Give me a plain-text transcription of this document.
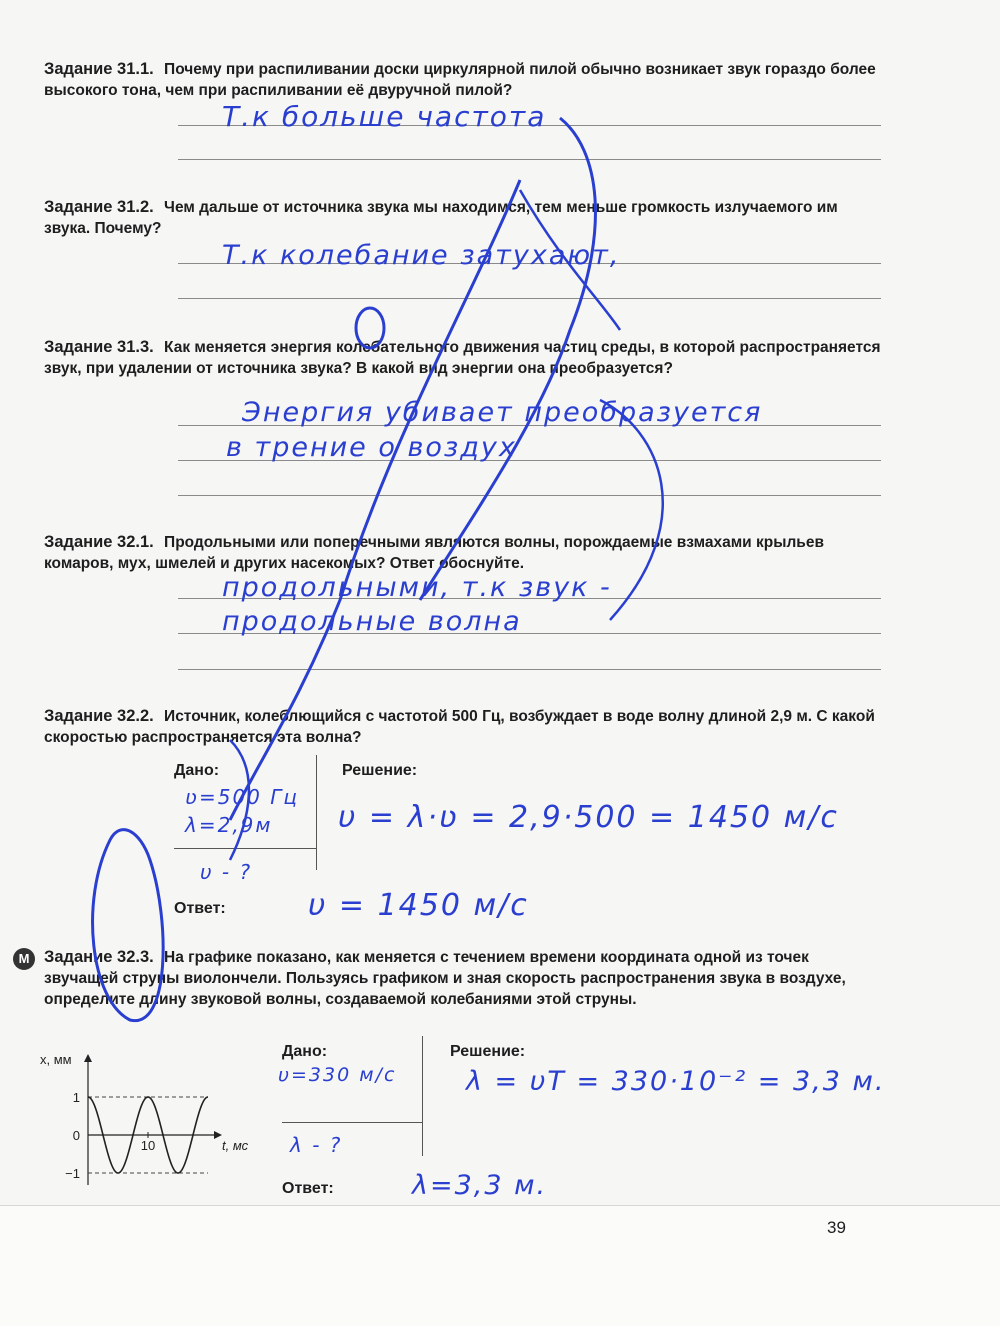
Задание 31.1. Почему при распиливании доски циркулярной пилой обычно возникает звук гораздо более высокого тона, чем при распиливании её двуручной пилой?
Т.к больше частота
Задание 31.2. Чем дальше от источника звука мы находимся, тем меньше громкость излучаемого им звука. Почему?
Т.к колебание затухают,
Задание 31.3. Как меняется энергия колебательного движения частиц среды, в которой распространяется звук, при удалении от источника звука? В какой вид энергии она преобразуется?
Энергия убивает преобразуется
в трение о воздух
Задание 32.1. Продольными или поперечными являются волны, порождаемые взмахами крыльев комаров, мух, шмелей и других насекомых? Ответ обоснуйте.
продольными, т.к звук -
продольные волна
Задание 32.2. Источник, колеблющийся с частотой 500 Гц, возбуждает в воде волну длиной 2,9 м. С какой скоростью распространяется эта волна?
Дано:	Решение:
ʋ=500 Гц
λ=2,9м
υ - ?
υ = λ·ʋ = 2,9·500 = 1450 м/с
Ответ:	υ = 1450 м/с
М Задание 32.3. На графике показано, как меняется с течением времени координата одной из точек звучащей струны виолончели. Пользуясь графиком и зная скорость распространения звука в воздухе, определите длину звуковой волны, создаваемой колебаниями этой струны.
x, мм
1
0
−1
10	t, мс
Дано:	Решение:
υ=330 м/с
λ - ?
λ = υT = 330·10⁻² = 3,3 м.
Ответ:	λ=3,3 м.
39
